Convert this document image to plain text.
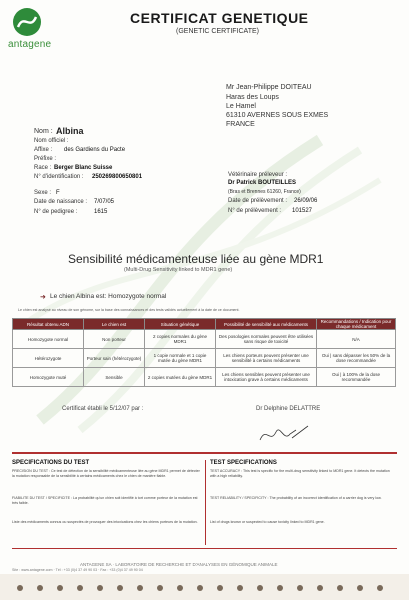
antagene
CERTIFICAT GENETIQUE
(GENETIC CERTIFICATE)
Mr Jean-Philippe DOITEAU
Haras des Loups
Le Hamel
61310 AVERNES SOUS EXMES
FRANCE
Nom : Albina
Nom officiel :
Affixe : des Gardiens du Pacte
Préfixe :
Race : Berger Blanc Suisse
N° d'identification : 250269800650801
Sexe : F
Date de naissance : 7/07/05
N° de pedigree :	1615
Vétérinaire préleveur :
Dr Patrick BOUTEILLES
(Bras et Brennes 61260, France)
Date de prélèvement : 26/09/06
N° de prélèvement : 101527
Sensibilité médicamenteuse liée au gène MDR1
(Multi-Drug Sensitivity linked to MDR1 gene)
➜ Le chien Albina est: Homozygote normal
Le chien est analysé au niveau de son génome, sur la base des connaissances et des tests validés actuellement à la date de ce document.
Résultat obtenu ADN	Le chien est	Situation génétique	Possibilité de sensibilité aux médicaments	Recommandations / Indication pour chaque médicament
Homozygote normal	Non porteur	2 copies normales du gène MDR1	Des posologies normales peuvent être utilisées sans risque de toxicité	N/A
Hétérozygote	Porteur sain (hétérozygote)	1 copie normale et 1 copie mutée du gène MDR1	Les chiens porteurs peuvent présenter une sensibilité à certains médicaments	Oui | sans dépasser les 50% de la dose recommandée
Homozygote muté	Sensible	2 copies mutées du gène MDR1	Les chiens sensibles peuvent présenter une intoxication grave à certains médicaments	Oui | à 100% de la dose recommandée
Certificat établi le 5/12/07 par :	Dr Delphine DELATTRE
SPECIFICATIONS DU TEST
PRECISION DU TEST : Ce test de détection de la sensibilité médicamenteuse liée au gène MDR1 permet de détecter la mutation responsable de la sensibilité à certains médicaments chez le chien de manière fiable.
FIABILITE DU TEST / SPECIFICITE : La probabilité qu'un chien soit identifié à tort comme porteur de la mutation est très faible.
Liste des médicaments connus ou suspectés de provoquer des intoxications chez les chiens porteurs de la mutation.
TEST SPECIFICATIONS
TEST ACCURACY : This test is specific for the multi-drug sensitivity linked to MDR1 gene. It detects the mutation with a high reliability.
TEST RELIABILITY / SPECIFICITY : The probability of an incorrect identification of a carrier dog is very low.
List of drugs known or suspected to cause toxicity linked to MDR1 gene.
ANTAGENE SA · LABORATOIRE DE RECHERCHE ET D'ANALYSES EN GÉNOMIQUE ANIMALE
Site : www.antagene.com · Tél : +33 (0)4 37 49 90 03 · Fax : +33 (0)4 37 49 90 04
